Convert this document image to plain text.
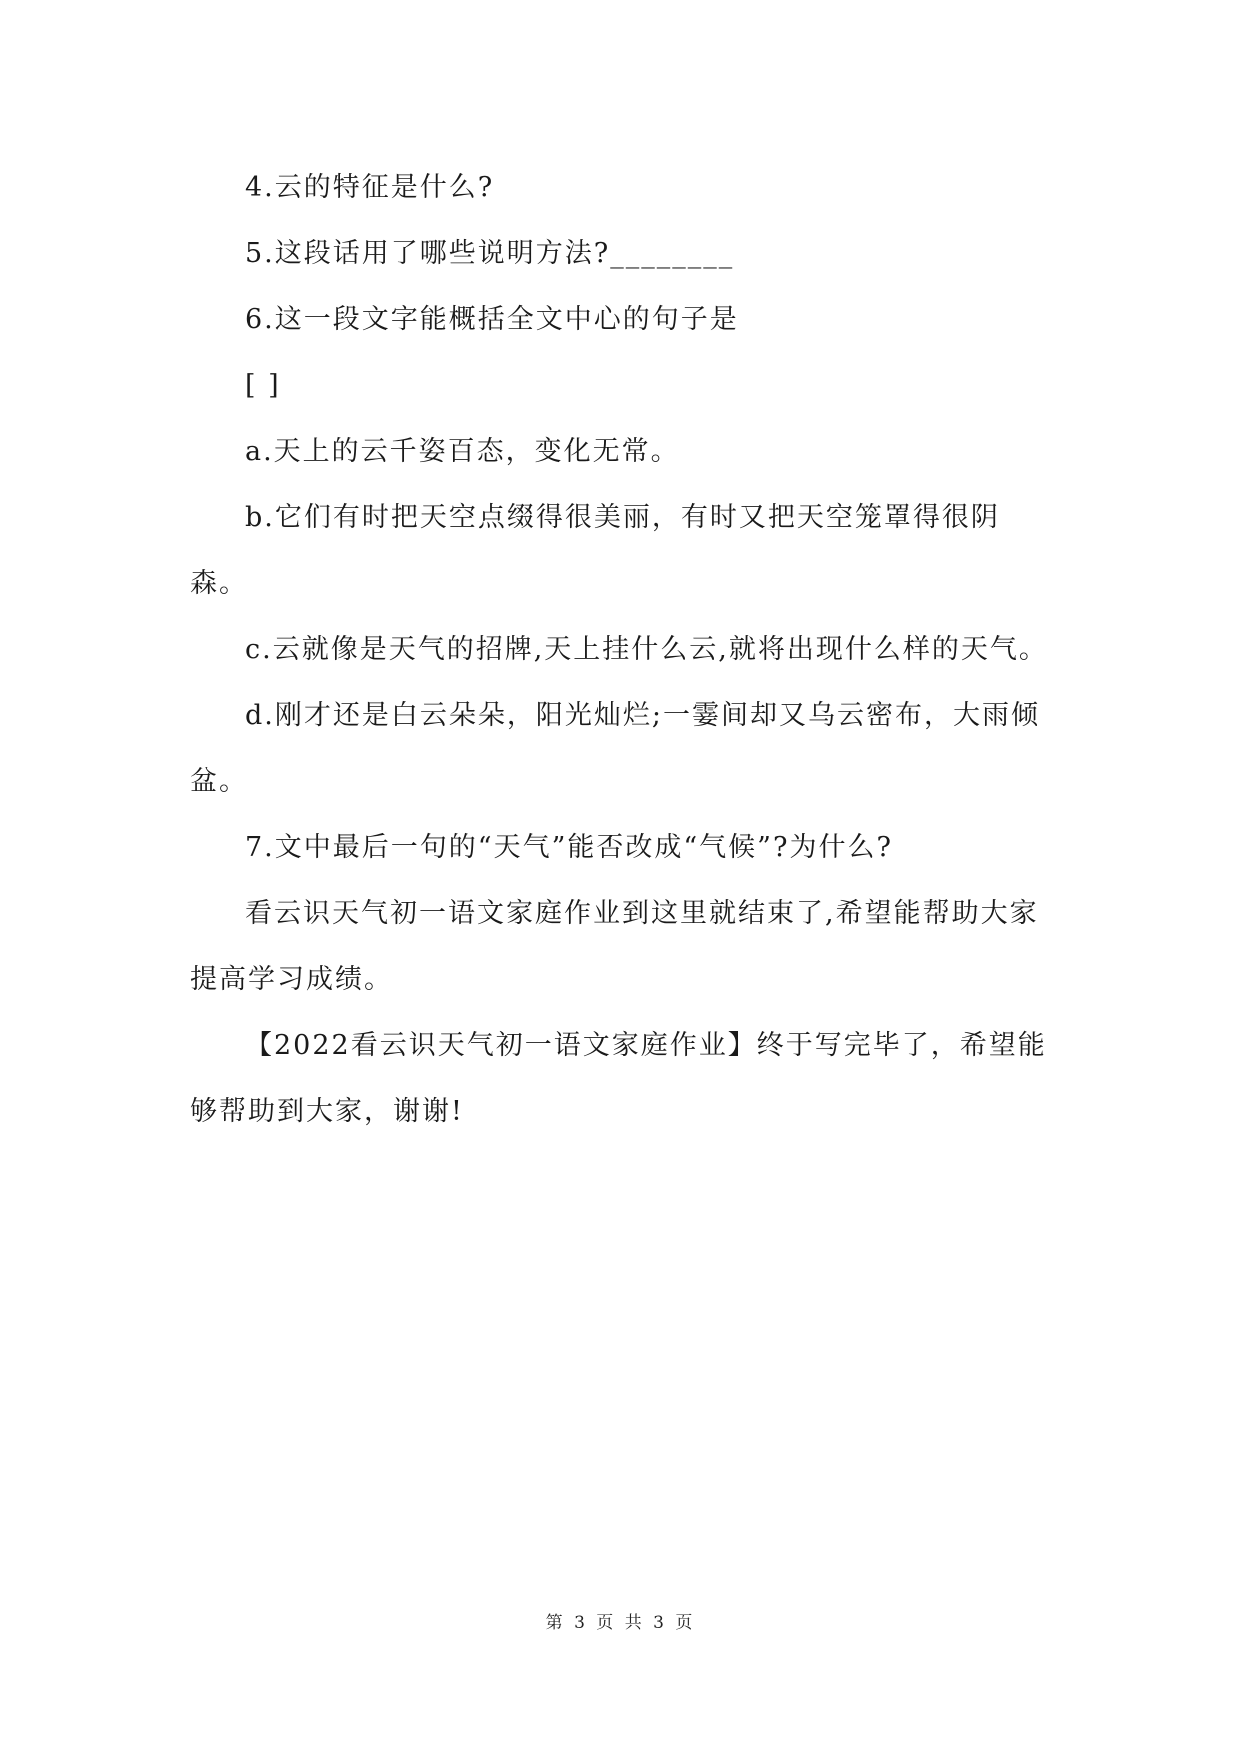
4.云的特征是什么?

5.这段话用了哪些说明方法?________

6.这一段文字能概括全文中心的句子是

[ ]

a.天上的云千姿百态，变化无常。

b.它们有时把天空点缀得很美丽，有时又把天空笼罩得很阴森。

c.云就像是天气的招牌,天上挂什么云,就将出现什么样的天气。

d.刚才还是白云朵朵，阳光灿烂;一霎间却又乌云密布，大雨倾盆。

7.文中最后一句的“天气”能否改成“气候”?为什么?

看云识天气初一语文家庭作业到这里就结束了,希望能帮助大家提高学习成绩。

【2022看云识天气初一语文家庭作业】终于写完毕了，希望能够帮助到大家，谢谢!

第 3 页 共 3 页
